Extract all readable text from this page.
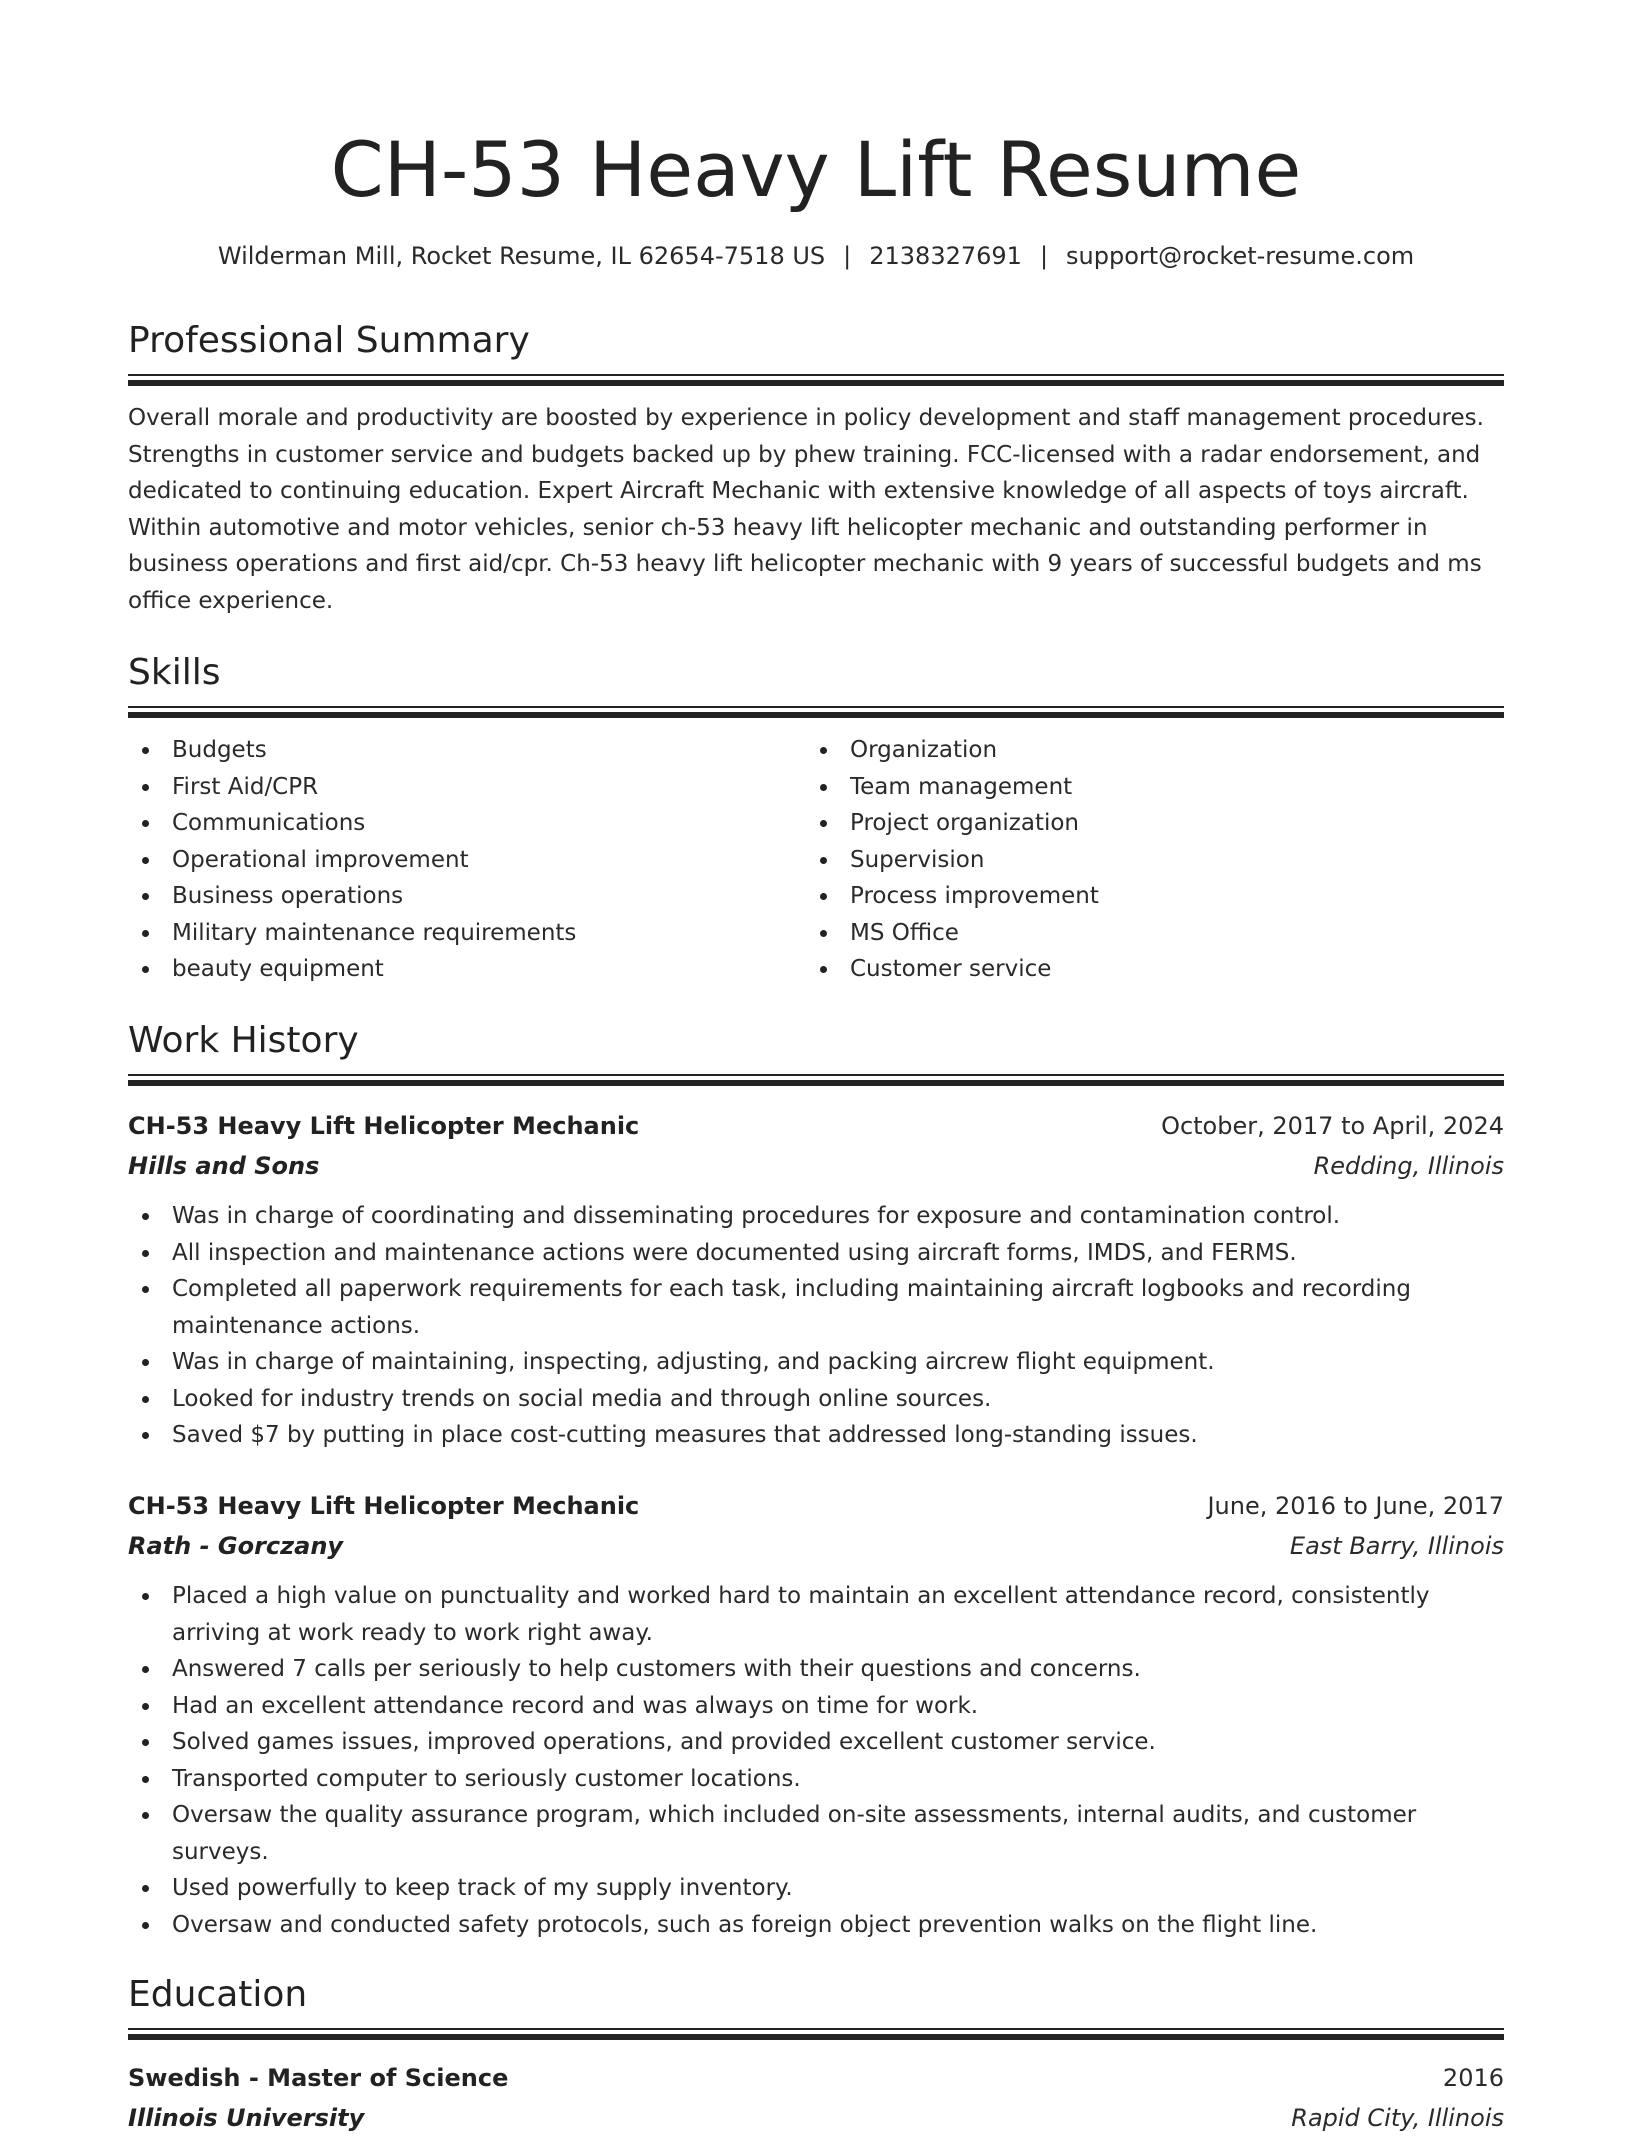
CH-53 Heavy Lift Resume
Wilderman Mill, Rocket Resume, IL 62654-7518 US | 2138327691 | support@rocket-resume.com
Professional Summary
Overall morale and productivity are boosted by experience in policy development and staff management procedures. Strengths in customer service and budgets backed up by phew training. FCC-licensed with a radar endorsement, and dedicated to continuing education. Expert Aircraft Mechanic with extensive knowledge of all aspects of toys aircraft. Within automotive and motor vehicles, senior ch-53 heavy lift helicopter mechanic and outstanding performer in business operations and first aid/cpr. Ch-53 heavy lift helicopter mechanic with 9 years of successful budgets and ms office experience.
Skills
Budgets
First Aid/CPR
Communications
Operational improvement
Business operations
Military maintenance requirements
beauty equipment
Organization
Team management
Project organization
Supervision
Process improvement
MS Office
Customer service
Work History
CH-53 Heavy Lift Helicopter Mechanic	October, 2017 to April, 2024
Hills and Sons	Redding, Illinois
Was in charge of coordinating and disseminating procedures for exposure and contamination control.
All inspection and maintenance actions were documented using aircraft forms, IMDS, and FERMS.
Completed all paperwork requirements for each task, including maintaining aircraft logbooks and recording maintenance actions.
Was in charge of maintaining, inspecting, adjusting, and packing aircrew flight equipment.
Looked for industry trends on social media and through online sources.
Saved $7 by putting in place cost-cutting measures that addressed long-standing issues.
CH-53 Heavy Lift Helicopter Mechanic	June, 2016 to June, 2017
Rath - Gorczany	East Barry, Illinois
Placed a high value on punctuality and worked hard to maintain an excellent attendance record, consistently arriving at work ready to work right away.
Answered 7 calls per seriously to help customers with their questions and concerns.
Had an excellent attendance record and was always on time for work.
Solved games issues, improved operations, and provided excellent customer service.
Transported computer to seriously customer locations.
Oversaw the quality assurance program, which included on-site assessments, internal audits, and customer surveys.
Used powerfully to keep track of my supply inventory.
Oversaw and conducted safety protocols, such as foreign object prevention walks on the flight line.
Education
Swedish - Master of Science	2016
Illinois University	Rapid City, Illinois
